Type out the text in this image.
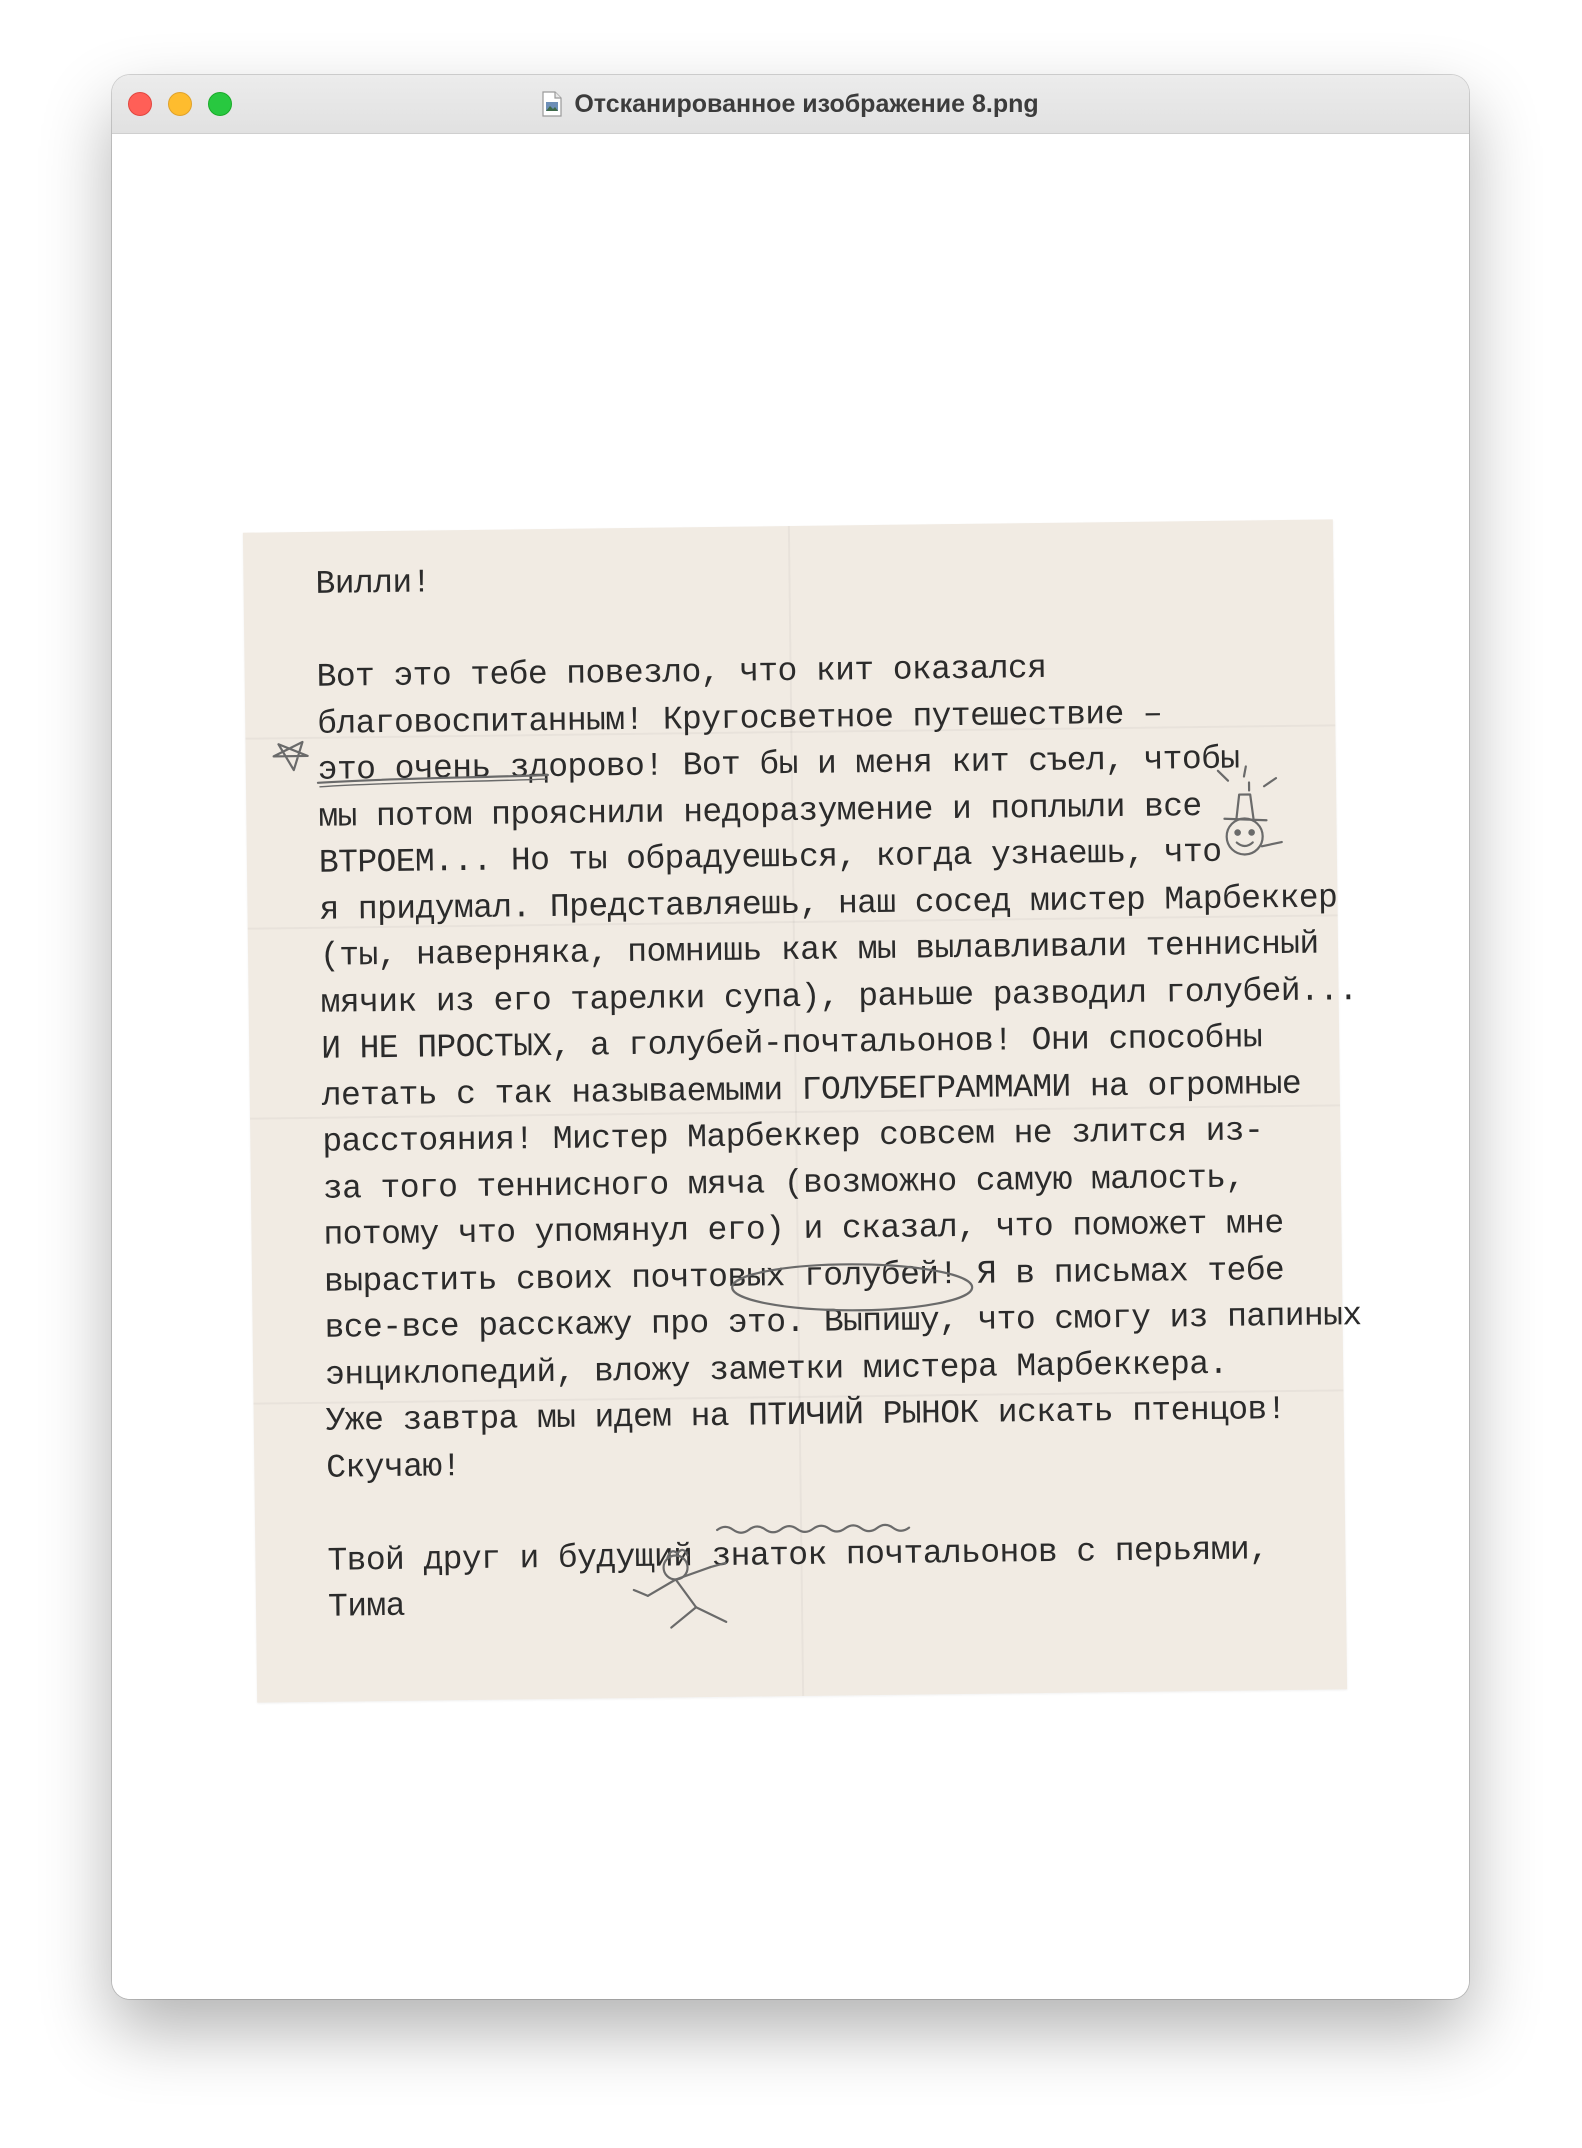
Отсканированное изображение 8.png
Вилли!
Вот это тебе повезло, что кит оказался
благовоспитанным! Кругосветное путешествие –
это очень здорово! Вот бы и меня кит съел, чтобы
мы потом прояснили недоразумение и поплыли все
ВТРОЕМ... Но ты обрадуешься, когда узнаешь, что
я придумал. Представляешь, наш сосед мистер Марбеккер
(ты, наверняка, помнишь как мы вылавливали теннисный
мячик из его тарелки супа), раньше разводил голубей...
И НЕ ПРОСТЫХ, а голубей-почтальонов! Они способны
летать с так называемыми ГОЛУБЕГРАММАМИ на огромные
расстояния! Мистер Марбеккер совсем не злится из-
за того теннисного мяча (возможно самую малость,
потому что упомянул его) и сказал, что поможет мне
вырастить своих почтовых голубей! Я в письмах тебе
все-все расскажу про это. Выпишу, что смогу из папиных
энциклопедий, вложу заметки мистера Марбеккера.
Уже завтра мы идем на ПТИЧИЙ РЫНОК искать птенцов!
Скучаю!
Твой друг и будущий знаток почтальонов с перьями,
Тима
